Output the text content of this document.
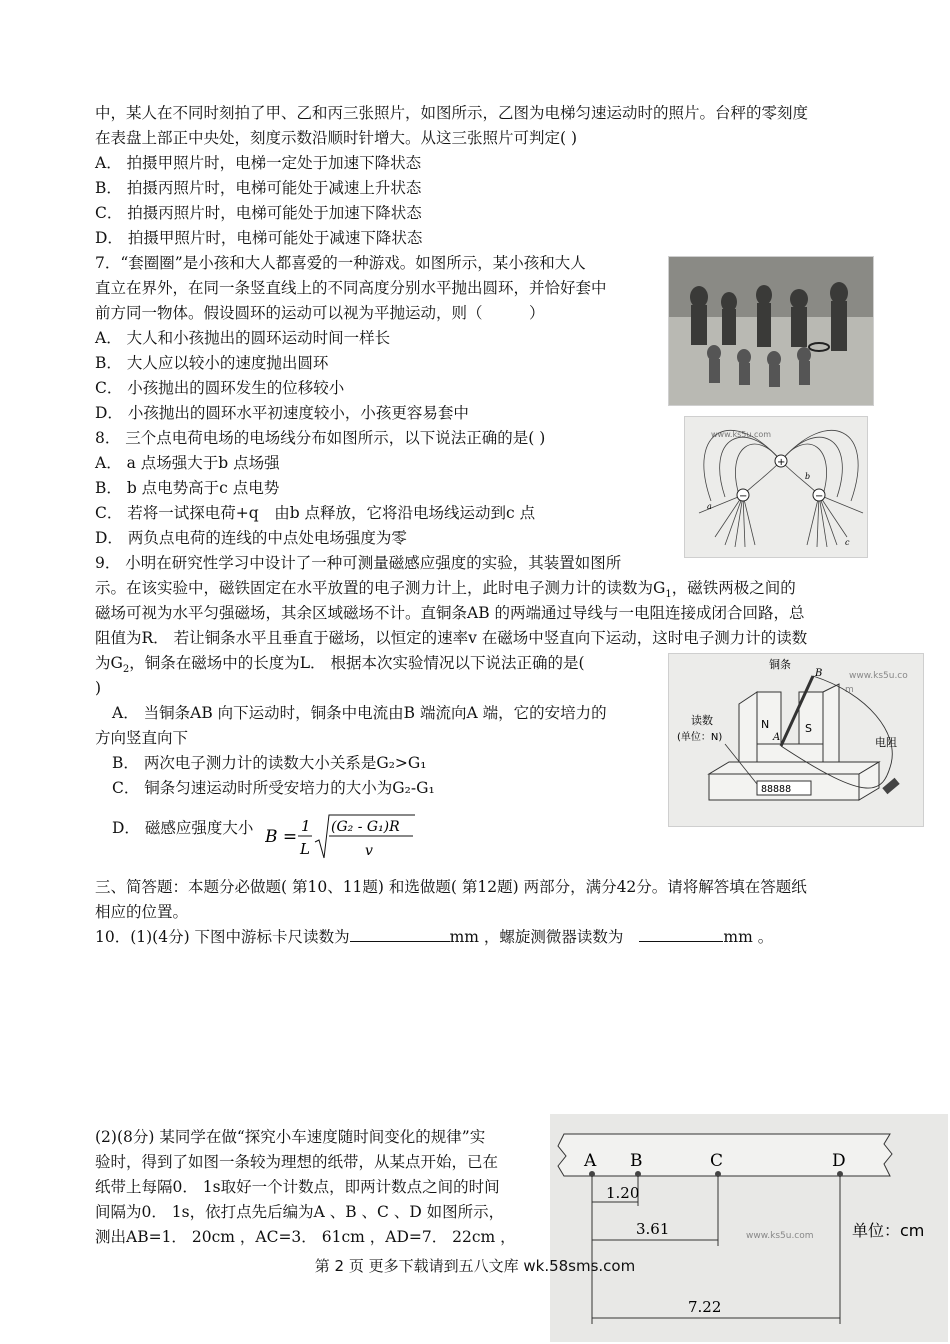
中，某人在不同时刻拍了甲、乙和丙三张照片，如图所示，乙图为电梯匀速运动时的照片。台秤的零刻度
在表盘上部正中央处，刻度示数沿顺时针增大。从这三张照片可判定( )
A． 拍摄甲照片时，电梯一定处于加速下降状态
B． 拍摄丙照片时，电梯可能处于减速上升状态
C． 拍摄丙照片时，电梯可能处于加速下降状态
D． 拍摄甲照片时，电梯可能处于减速下降状态
7．“套圈圈”是小孩和大人都喜爱的一种游戏。如图所示，某小孩和大人
直立在界外，在同一条竖直线上的不同高度分别水平抛出圆环，并恰好套中
前方同一物体。假设圆环的运动可以视为平抛运动，则（　　　）
A． 大人和小孩抛出的圆环运动时间一样长
B． 大人应以较小的速度抛出圆环
C． 小孩抛出的圆环发生的位移较小
D． 小孩抛出的圆环水平初速度较小，小孩更容易套中
8． 三个点电荷电场的电场线分布如图所示，以下说法正确的是( )
A． a 点场强大于b 点场强
B． b 点电势高于c 点电势
C． 若将一试探电荷+q　由b 点释放，它将沿电场线运动到c 点
D． 两负点电荷的连线的中点处电场强度为零
www.ks5u.com
+
−	−
a
b
c
9． 小明在研究性学习中设计了一种可测量磁感应强度的实验，其装置如图所
示。在该实验中，磁铁固定在水平放置的电子测力计上，此时电子测力计的读数为$G_1$，磁铁两极之间的
磁场可视为水平匀强磁场，其余区域磁场不计。直铜条AB 的两端通过导线与一电阻连接成闭合回路，总
阻值为R． 若让铜条水平且垂直于磁场，以恒定的速率v 在磁场中竖直向下运动，这时电子测力计的读数
为$G_2$，铜条在磁场中的长度为L． 根据本次实验情况以下说法正确的是(
)
A． 当铜条AB 向下运动时，铜条中电流由B 端流向A 端，它的安培力的
方向竖直向下
B． 两次电子测力计的读数大小关系是G₂>G₁
C． 铜条匀速运动时所受安培力的大小为G₂-G₁
D． 磁感应强度大小 B =
1
L
(G₂ - G₁)R
v
铜条
B	www.ks5u.co
m
N	S
A
88888
读数
(单位：N)	电阻
三、简答题：本题分必做题( 第10、11题) 和选做题( 第12题) 两部分，满分42分。请将解答填在答题纸
相应的位置。
10．(1)(4分) 下图中游标卡尺读数为	mm ，螺旋测微器读数为	mm 。
(2)(8分) 某同学在做“探究小车速度随时间变化的规律”实
验时，得到了如图一条较为理想的纸带，从某点开始，已在
纸带上每隔0． 1s取好一个计数点，即两计数点之间的时间
间隔为0． 1s，依打点先后编为A 、B 、C 、D 如图所示，
测出AB=1． 20cm ，AC=3． 61cm ，AD=7． 22cm ，
A B	C	D
1.20
3.61
7.22
www.ks5u.com 单位：cm
第 2 页 更多下载请到五八文库 wk.58sms.com
